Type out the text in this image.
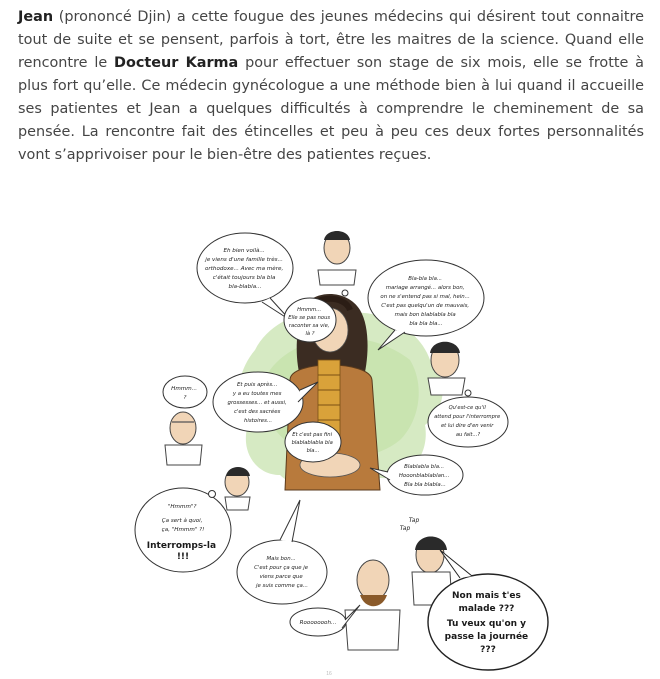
Jean (prononcé Djin) a cette fougue des jeunes médecins qui désirent tout connaitre tout de suite et se pensent, parfois à tort, être les maitres de la science. Quand elle rencontre le Docteur Karma pour effectuer son stage de six mois, elle se frotte à plus fort qu’elle. Ce médecin gynécologue a une méthode bien à lui quand il accueille ses patientes et Jean a quelques difficultés à comprendre le cheminement de sa pensée. La rencontre fait des étincelles et peu à peu ces deux fortes personnalités vont s’apprivoiser pour le bien-être des patientes reçues.
Eh bien voilà... je viens d'une famille très... orthodoxe... Avec ma mère, c'était toujours bla bla bla-blabla...
Hmmm... Elle se pas nous raconter sa vie, là ?
Bla-bla bla... mariage arrangé... alors bon, on ne s'entend pas si mal, hein... C'est pas quelqu'un de mauvais, mais bon blablabla bla bla bla bla...
Hmmm... ?
Et puis après... y a eu toutes mes grossesses... et aussi, c'est des sacrées histoires...
Et c'est pas fini blablablabla bla bla...
Qu'est-ce qu'il attend pour l'interrompre et lui dire d'en venir au fait...?
Blablabla bla... Hooonblablablan... Bla bla blabla...
"Hmmm"? Ça sert à quoi, ça, "Hmmm" ?!
Interromps-la !!!	Mais bon... C'est pour ça que je viens parce que je suis comme ça...
Roooooooh...
Non mais t'es malade ??? Tu veux qu'on y passe la journée ???
Tap Tap
16
